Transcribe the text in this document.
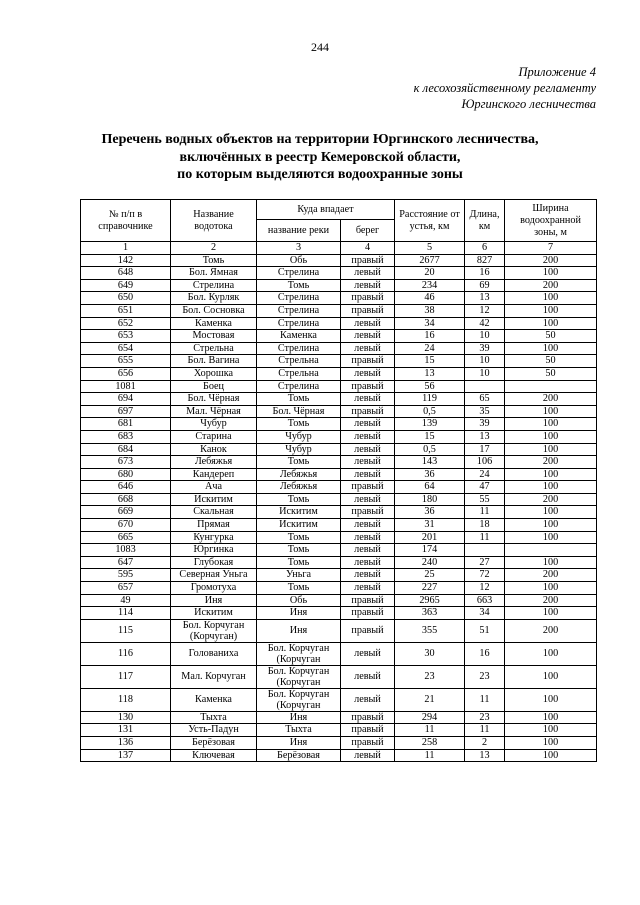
244
Приложение 4
к лесохозяйственному регламенту
Юргинского лесничества
Перечень водных объектов на территории Юргинского лесничества,
включённых в реестр Кемеровской области,
по которым выделяются водоохранные зоны
№ п/п в справочнике	Название водотока	Куда впадает		Расстояние от устья, км	Длина, км	Ширина водоохранной зоны, м
		название реки	берег			
1	2	3	4	5	6	7
142	Томь	Обь	правый	2677	827	200
648	Бол. Ямная	Стрелина	левый	20	16	100
649	Стрелина	Томь	левый	234	69	200
650	Бол. Курляк	Стрелина	правый	46	13	100
651	Бол. Сосновка	Стрелина	правый	38	12	100
652	Каменка	Стрелина	левый	34	42	100
653	Мостовая	Каменка	левый	16	10	50
654	Стрельна	Стрелина	левый	24	39	100
655	Бол. Вагина	Стрельна	правый	15	10	50
656	Хорошка	Стрельна	левый	13	10	50
1081	Боец	Стрелина	правый	56		
694	Бол. Чёрная	Томь	левый	119	65	200
697	Мал. Чёрная	Бол. Чёрная	правый	0,5	35	100
681	Чубур	Томь	левый	139	39	100
683	Старина	Чубур	левый	15	13	100
684	Канок	Чубур	левый	0,5	17	100
673	Лебяжья	Томь	левый	143	106	200
680	Кандереп	Лебяжья	левый	36	24	100
646	Ача	Лебяжья	правый	64	47	100
668	Искитим	Томь	левый	180	55	200
669	Скальная	Искитим	правый	36	11	100
670	Прямая	Искитим	левый	31	18	100
665	Кунгурка	Томь	левый	201	11	100
1083	Юргинка	Томь	левый	174		
647	Глубокая	Томь	левый	240	27	100
595	Северная Уньга	Уньга	левый	25	72	200
657	Громотуха	Томь	левый	227	12	100
49	Иня	Обь	правый	2965	663	200
114	Искитим	Иня	правый	363	34	100
115	Бол. Корчуган (Корчуган)	Иня	правый	355	51	200
116	Голованиха	Бол. Корчуган (Корчуган	левый	30	16	100
117	Мал. Корчуган	Бол. Корчуган (Корчуган	левый	23	23	100
118	Каменка	Бол. Корчуган (Корчуган	левый	21	11	100
130	Тыхта	Иня	правый	294	23	100
131	Усть-Падун	Тыхта	правый	11	11	100
136	Берёзовая	Иня	правый	258	2	100
137	Ключевая	Берёзовая	левый	11	13	100
